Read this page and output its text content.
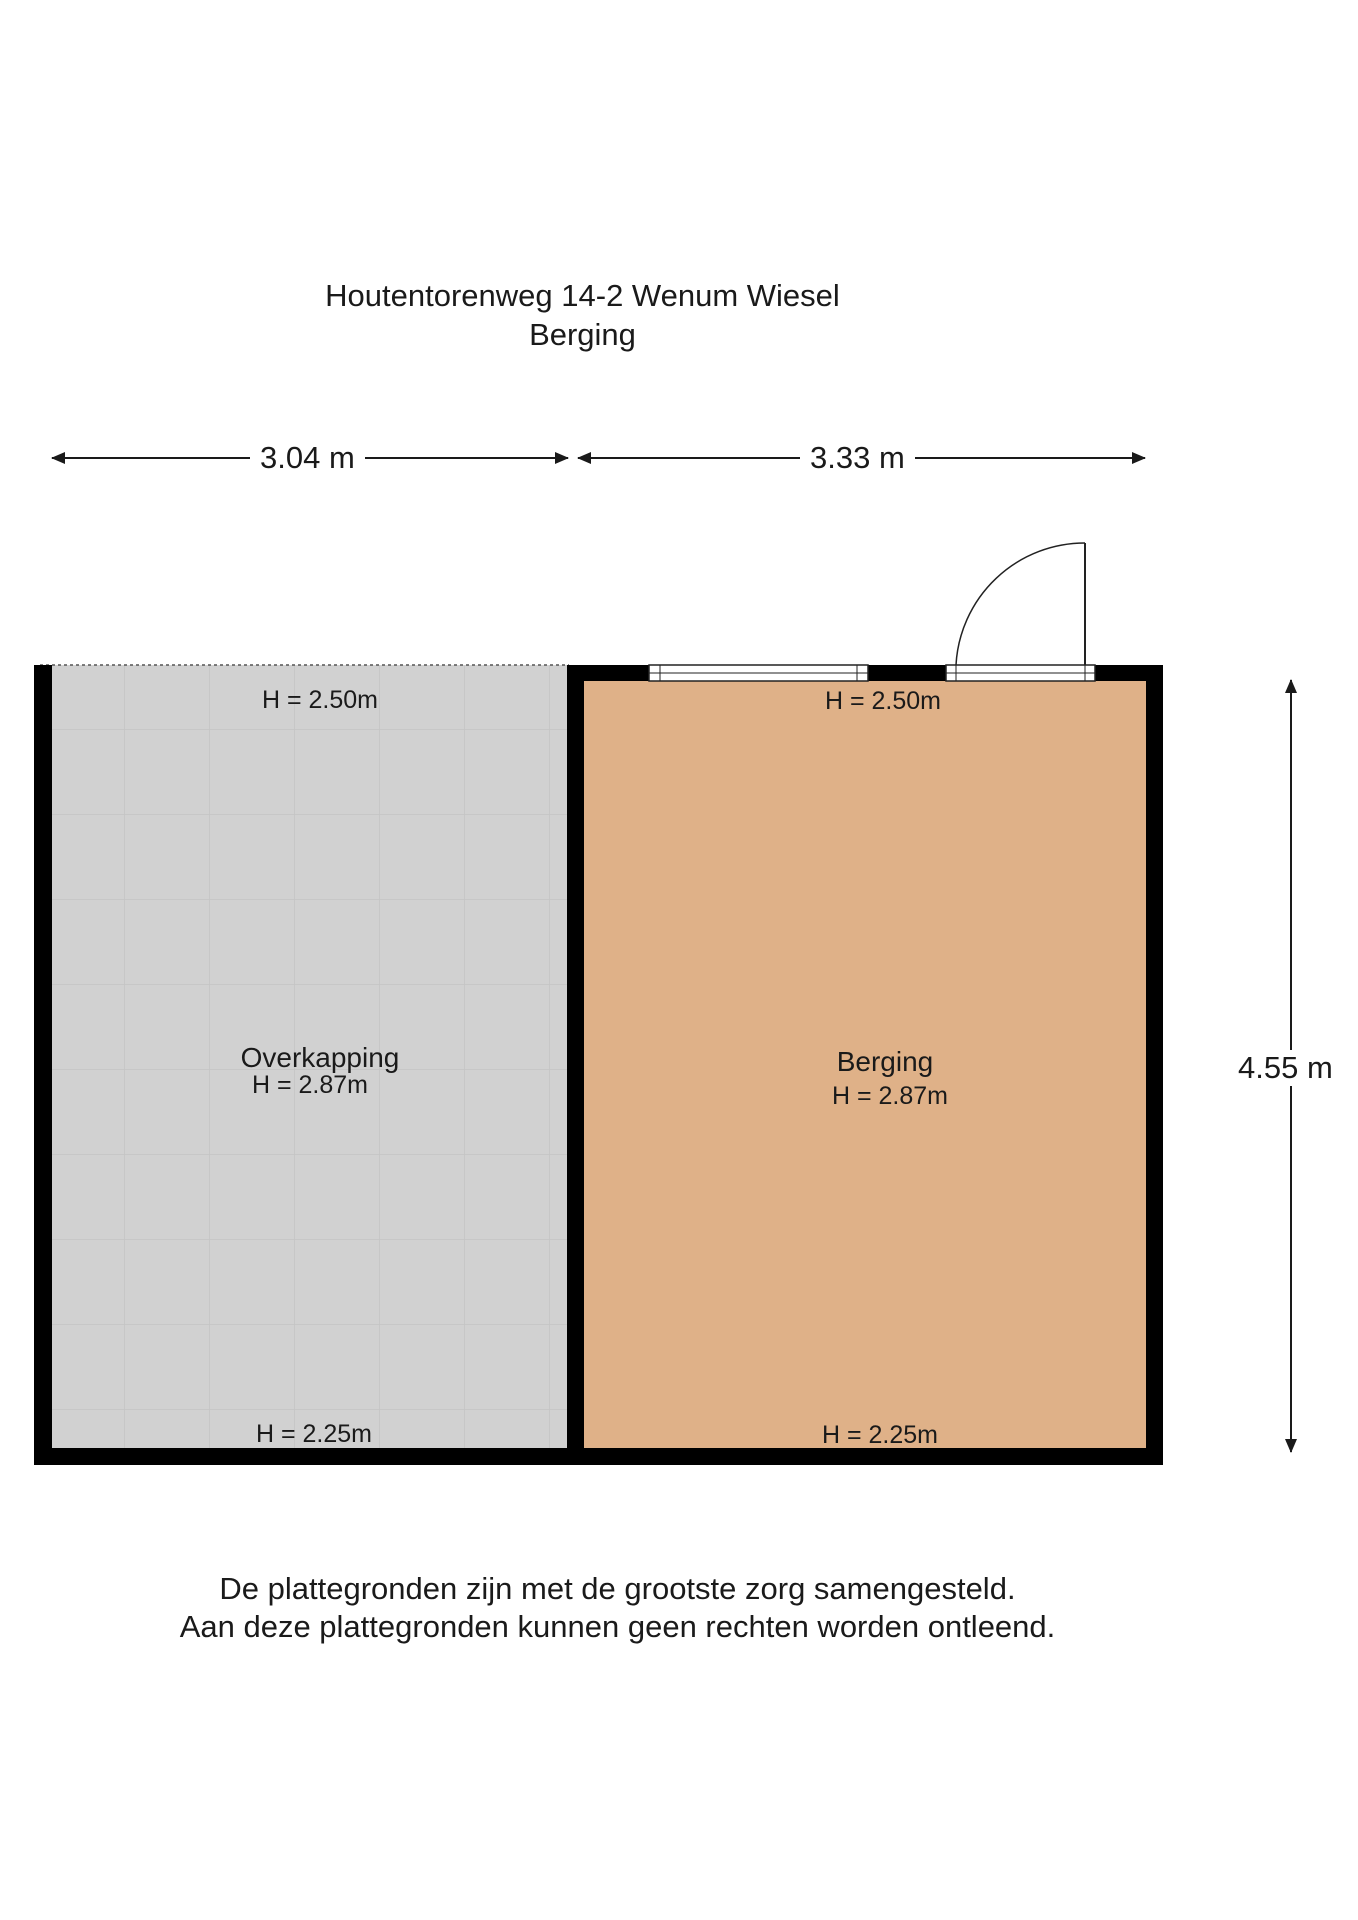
Houtentorenweg 14-2 Wenum Wiesel
Berging
3.04 m	3.33 m
4.55 m
H = 2.50m
Overkapping
H = 2.87m
H = 2.25m
H = 2.50m
Berging
H = 2.87m
H = 2.25m
De plattegronden zijn met de grootste zorg samengesteld.
Aan deze plattegronden kunnen geen rechten worden ontleend.
